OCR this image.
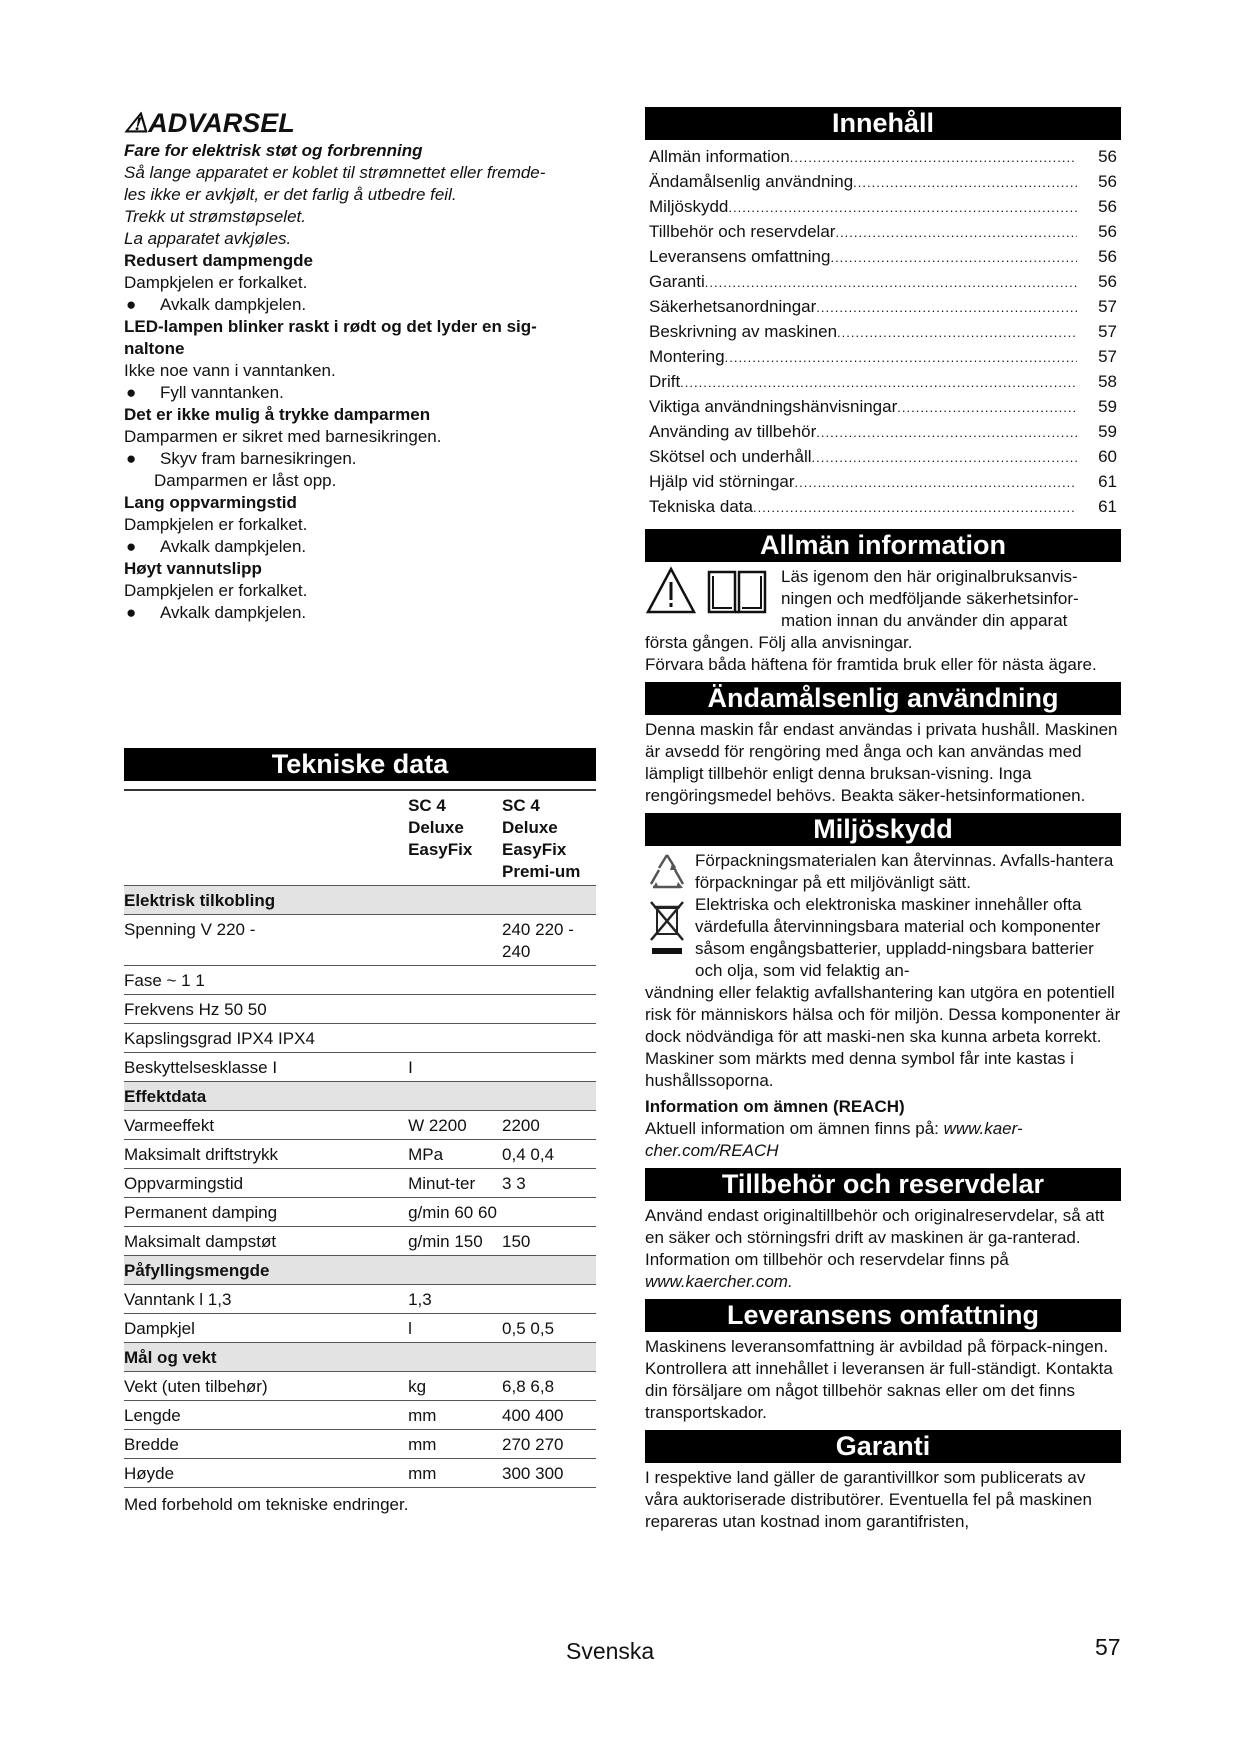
⚠ADVARSEL
Fare for elektrisk støt og forbrenning
Så lange apparatet er koblet til strømnettet eller fremde-
les ikke er avkjølt, er det farlig å utbedre feil.
Trekk ut strømstøpselet.
La apparatet avkjøles.
Redusert dampmengde
Dampkjelen er forkalket.
●	Avkalk dampkjelen.
LED-lampen blinker raskt i rødt og det lyder en sig-naltone
Ikke noe vann i vanntanken.
●	Fyll vanntanken.
Det er ikke mulig å trykke damparmen
Damparmen er sikret med barnesikringen.
●	Skyv fram barnesikringen.
Damparmen er låst opp.
Lang oppvarmingstid
Dampkjelen er forkalket.
●	Avkalk dampkjelen.
Høyt vannutslipp
Dampkjelen er forkalket.
●	Avkalk dampkjelen.
Tekniske data
		SC 4 Deluxe EasyFix	SC 4 Deluxe EasyFix Premi-um
Elektrisk tilkobling			
Spenning V 220 -			240 220 - 240
Fase ~ 1 1			
Frekvens Hz 50 50			
Kapslingsgrad IPX4 IPX4			
Beskyttelsesklasse I		I	
Effektdata			
Varmeeffekt		W 2200	2200
Maksimalt driftstrykk		MPa	0,4 0,4
Oppvarmingstid		Minut-ter	3 3
Permanent damping		g/min 60 60	
Maksimalt dampstøt		g/min 150	150
Påfyllingsmengde			
Vanntank l 1,3		1,3	
Dampkjel		l	0,5 0,5
Mål og vekt			
Vekt (uten tilbehør)		kg	6,8 6,8
Lengde		mm	400 400
Bredde		mm	270 270
Høyde		mm	300 300
Med forbehold om tekniske endringer.
Innehåll
Allmän information .....	56
Ändamålsenlig användning .....	56
Miljöskydd .....	56
Tillbehör och reservdelar .....	56
Leveransens omfattning .....	56
Garanti .....	56
Säkerhetsanordningar .....	57
Beskrivning av maskinen .....	57
Montering .....	57
Drift .....	58
Viktiga användningshänvisningar .....	59
Använding av tillbehör .....	59
Skötsel och underhåll .....	60
Hjälp vid störningar .....	61
Tekniska data .....	61
Allmän information
Läs igenom den här originalbruksanvis-ningen och medföljande säkerhetsinfor-mation innan du använder din apparat
första gången. Följ alla anvisningar.
Förvara båda häftena för framtida bruk eller för nästa ägare.
Ändamålsenlig användning
Denna maskin får endast användas i privata hushåll. Maskinen är avsedd för rengöring med ånga och kan användas med lämpligt tillbehör enligt denna bruksan-visning. Inga rengöringsmedel behövs. Beakta säker-hetsinformationen.
Miljöskydd
Förpackningsmaterialen kan återvinnas. Avfalls-hantera förpackningar på ett miljövänligt sätt.
Elektriska och elektroniska maskiner innehåller ofta värdefulla återvinningsbara material och komponenter såsom engångsbatterier, uppladd-ningsbara batterier och olja, som vid felaktig an-
vändning eller felaktig avfallshantering kan utgöra en potentiell risk för människors hälsa och för miljön. Dessa komponenter är dock nödvändiga för att maski-nen ska kunna arbeta korrekt. Maskiner som märkts med denna symbol får inte kastas i hushållssoporna.
Information om ämnen (REACH)
Aktuell information om ämnen finns på: www.kaer-cher.com/REACH
Tillbehör och reservdelar
Använd endast originaltillbehör och originalreservdelar, så att en säker och störningsfri drift av maskinen är ga-ranterad.
Information om tillbehör och reservdelar finns på
www.kaercher.com.
Leveransens omfattning
Maskinens leveransomfattning är avbildad på förpack-ningen. Kontrollera att innehållet i leveransen är full-ständigt. Kontakta din försäljare om något tillbehör saknas eller om det finns transportskador.
Garanti
I respektive land gäller de garantivillkor som publicerats av våra auktoriserade distributörer. Eventuella fel på maskinen repareras utan kostnad inom garantifristen,
Svenska	57
